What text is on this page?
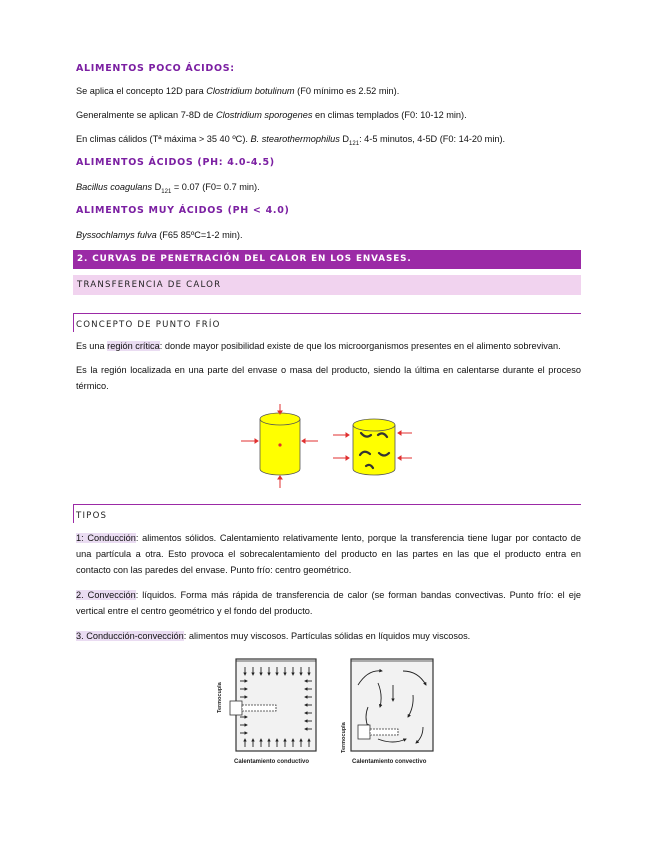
ALIMENTOS POCO ÁCIDOS:

Se aplica el concepto 12D para Clostridium botulinum (F0 mínimo es 2.52 min).

Generalmente se aplican 7-8D de Clostridium sporogenes en climas templados (F0: 10-12 min).

En climas cálidos (Tª máxima > 35 40 ºC). B. stearothermophilus $D_{121}$: 4-5 minutos, 4-5D (F0: 14-20 min).

ALIMENTOS ÁCIDOS (PH: 4.0-4.5)

Bacillus coagulans $D_{121} = 0.07$ (F0= 0.7 min).

ALIMENTOS MUY ÁCIDOS (PH < 4.0)

Byssochlamys fulva (F65 85ºC=1-2 min).

2. CURVAS DE PENETRACIÓN DEL CALOR EN LOS ENVASES.
TRANSFERENCIA DE CALOR
CONCEPTO DE PUNTO FRÍO

Es una región crítica: donde mayor posibilidad existe de que los microorganismos presentes en el alimento sobrevivan.

Es la región localizada en una parte del envase o masa del producto, siendo la última en calentarse durante el proceso térmico.

TIPOS

1: Conducción: alimentos sólidos. Calentamiento relativamente lento, porque la transferencia tiene lugar por contacto de una partícula a otra. Esto provoca el sobrecalentamiento del producto en las partes en las que el producto entra en contacto con las paredes del envase. Punto frío: centro geométrico.

2. Convección: líquidos. Forma más rápida de transferencia de calor (se forman bandas convectivas. Punto frío: el eje vertical entre el centro geométrico y el fondo del producto.

3. Conducción-convección: alimentos muy viscosos. Partículas sólidas en líquidos muy viscosos.

Termocupla
Calentamiento conductivo
Termocupla
Calentamiento convectivo
